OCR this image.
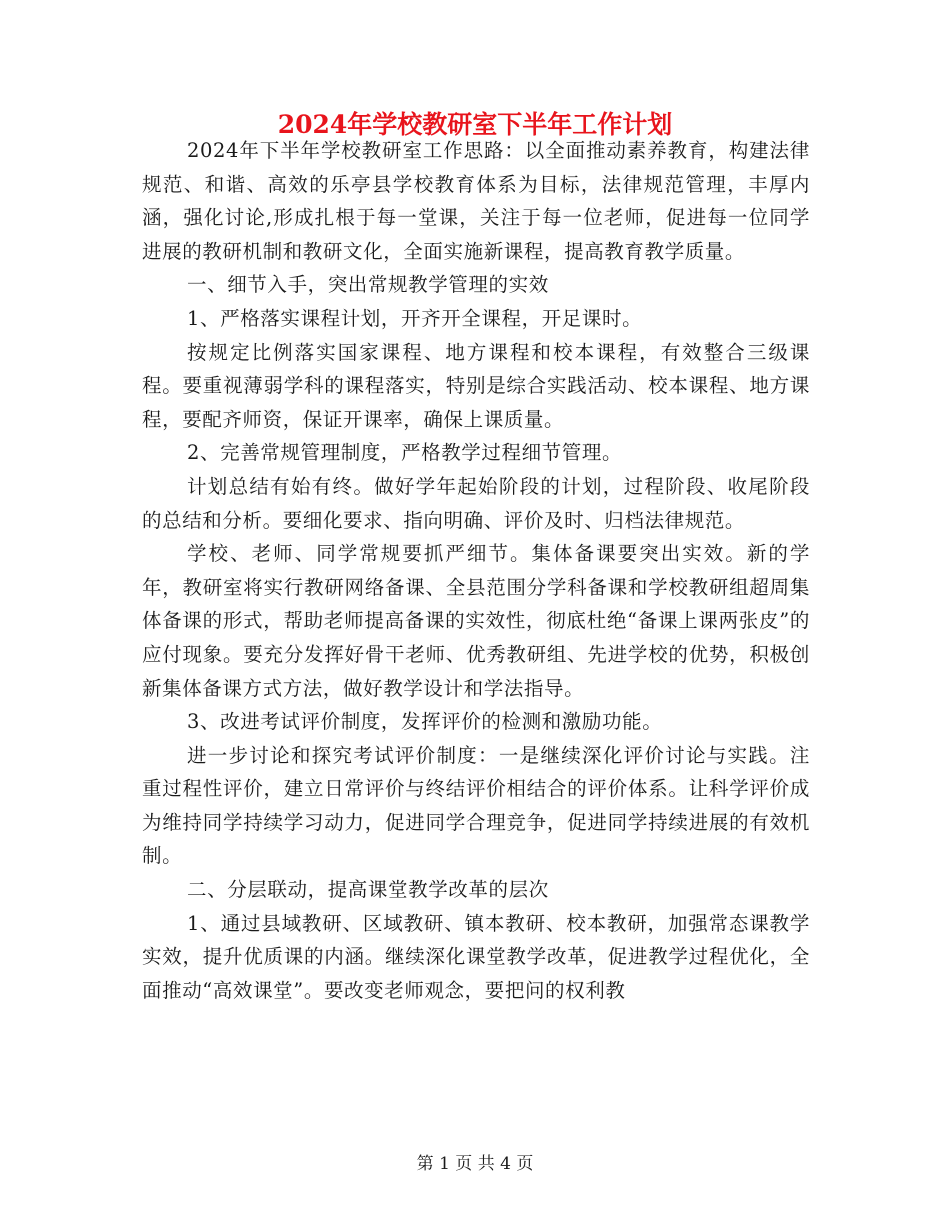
2024年学校教研室下半年工作计划

2024年下半年学校教研室工作思路：以全面推动素养教育，构建法律规范、和谐、高效的乐亭县学校教育体系为目标，法律规范管理，丰厚内涵，强化讨论,形成扎根于每一堂课，关注于每一位老师，促进每一位同学进展的教研机制和教研文化，全面实施新课程，提高教育教学质量。

一、细节入手，突出常规教学管理的实效

1、严格落实课程计划，开齐开全课程，开足课时。

按规定比例落实国家课程、地方课程和校本课程，有效整合三级课程。要重视薄弱学科的课程落实，特别是综合实践活动、校本课程、地方课程，要配齐师资，保证开课率，确保上课质量。

2、完善常规管理制度，严格教学过程细节管理。

计划总结有始有终。做好学年起始阶段的计划，过程阶段、收尾阶段的总结和分析。要细化要求、指向明确、评价及时、归档法律规范。

学校、老师、同学常规要抓严细节。集体备课要突出实效。新的学年，教研室将实行教研网络备课、全县范围分学科备课和学校教研组超周集体备课的形式，帮助老师提高备课的实效性，彻底杜绝“备课上课两张皮”的应付现象。要充分发挥好骨干老师、优秀教研组、先进学校的优势，积极创新集体备课方式方法，做好教学设计和学法指导。

3、改进考试评价制度，发挥评价的检测和激励功能。

进一步讨论和探究考试评价制度：一是继续深化评价讨论与实践。注重过程性评价，建立日常评价与终结评价相结合的评价体系。让科学评价成为维持同学持续学习动力，促进同学合理竞争，促进同学持续进展的有效机制。

二、分层联动，提高课堂教学改革的层次

1、通过县域教研、区域教研、镇本教研、校本教研，加强常态课教学实效，提升优质课的内涵。继续深化课堂教学改革，促进教学过程优化，全面推动“高效课堂”。要改变老师观念，要把问的权利教

第 1 页 共 4 页
